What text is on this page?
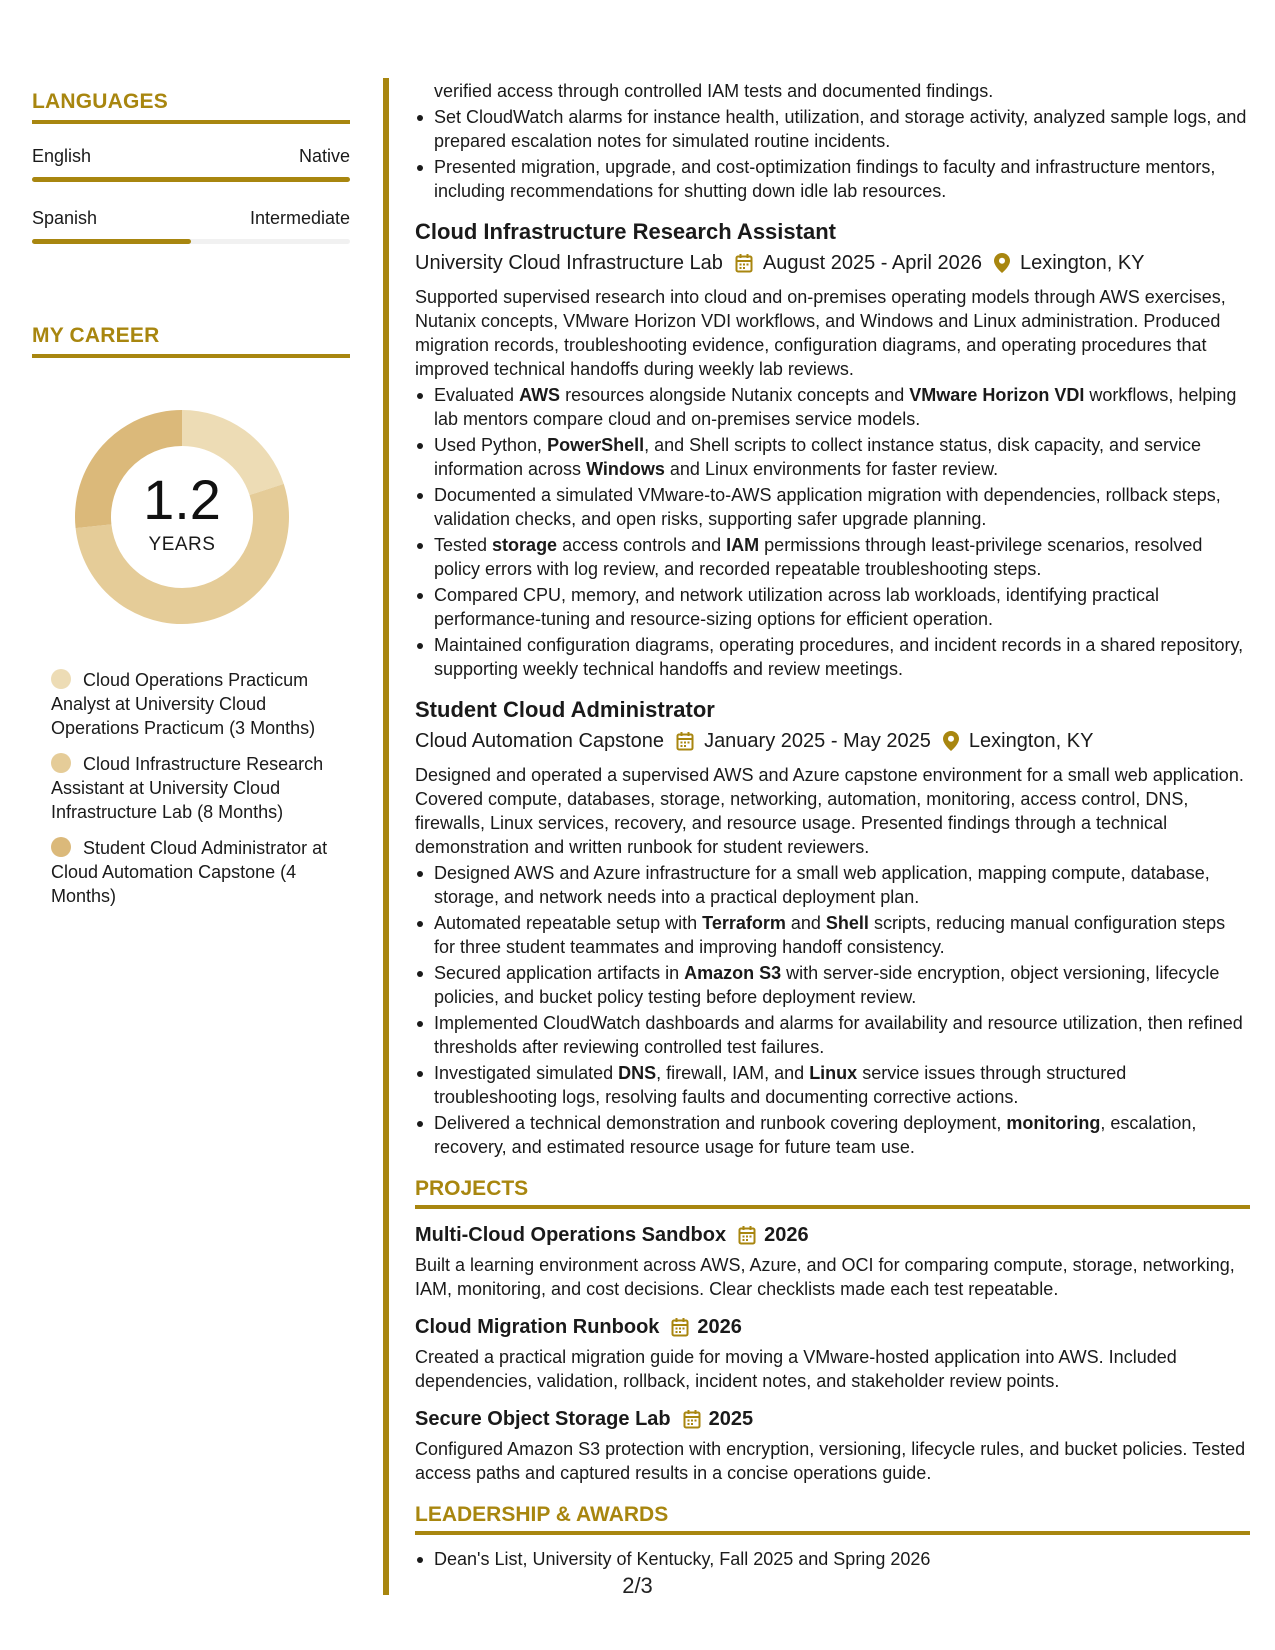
LANGUAGES
English	Native
Spanish	Intermediate
MY CAREER
1.2
YEARS
Cloud Operations Practicum Analyst at University Cloud Operations Practicum (3 Months)
Cloud Infrastructure Research Assistant at University Cloud Infrastructure Lab (8 Months)
Student Cloud Administrator at Cloud Automation Capstone (4 Months)
verified access through controlled IAM tests and documented findings.
Set CloudWatch alarms for instance health, utilization, and storage activity, analyzed sample logs, and prepared escalation notes for simulated routine incidents.
Presented migration, upgrade, and cost-optimization findings to faculty and infrastructure mentors, including recommendations for shutting down idle lab resources.
Cloud Infrastructure Research Assistant
University Cloud Infrastructure Lab August 2025 - April 2026 Lexington, KY
Supported supervised research into cloud and on-premises operating models through AWS exercises, Nutanix concepts, VMware Horizon VDI workflows, and Windows and Linux administration. Produced migration records, troubleshooting evidence, configuration diagrams, and operating procedures that improved technical handoffs during weekly lab reviews.
Evaluated AWS resources alongside Nutanix concepts and VMware Horizon VDI workflows, helping lab mentors compare cloud and on-premises service models.
Used Python, PowerShell, and Shell scripts to collect instance status, disk capacity, and service information across Windows and Linux environments for faster review.
Documented a simulated VMware-to-AWS application migration with dependencies, rollback steps, validation checks, and open risks, supporting safer upgrade planning.
Tested storage access controls and IAM permissions through least-privilege scenarios, resolved policy errors with log review, and recorded repeatable troubleshooting steps.
Compared CPU, memory, and network utilization across lab workloads, identifying practical performance-tuning and resource-sizing options for efficient operation.
Maintained configuration diagrams, operating procedures, and incident records in a shared repository, supporting weekly technical handoffs and review meetings.
Student Cloud Administrator
Cloud Automation Capstone January 2025 - May 2025 Lexington, KY
Designed and operated a supervised AWS and Azure capstone environment for a small web application. Covered compute, databases, storage, networking, automation, monitoring, access control, DNS, firewalls, Linux services, recovery, and resource usage. Presented findings through a technical demonstration and written runbook for student reviewers.
Designed AWS and Azure infrastructure for a small web application, mapping compute, database, storage, and network needs into a practical deployment plan.
Automated repeatable setup with Terraform and Shell scripts, reducing manual configuration steps for three student teammates and improving handoff consistency.
Secured application artifacts in Amazon S3 with server-side encryption, object versioning, lifecycle policies, and bucket policy testing before deployment review.
Implemented CloudWatch dashboards and alarms for availability and resource utilization, then refined thresholds after reviewing controlled test failures.
Investigated simulated DNS, firewall, IAM, and Linux service issues through structured troubleshooting logs, resolving faults and documenting corrective actions.
Delivered a technical demonstration and runbook covering deployment, monitoring, escalation, recovery, and estimated resource usage for future team use.
PROJECTS
Multi-Cloud Operations Sandbox 2026
Built a learning environment across AWS, Azure, and OCI for comparing compute, storage, networking, IAM, monitoring, and cost decisions. Clear checklists made each test repeatable.
Cloud Migration Runbook 2026
Created a practical migration guide for moving a VMware-hosted application into AWS. Included dependencies, validation, rollback, incident notes, and stakeholder review points.
Secure Object Storage Lab 2025
Configured Amazon S3 protection with encryption, versioning, lifecycle rules, and bucket policies. Tested access paths and captured results in a concise operations guide.
LEADERSHIP & AWARDS
Dean's List, University of Kentucky, Fall 2025 and Spring 2026
2/3
